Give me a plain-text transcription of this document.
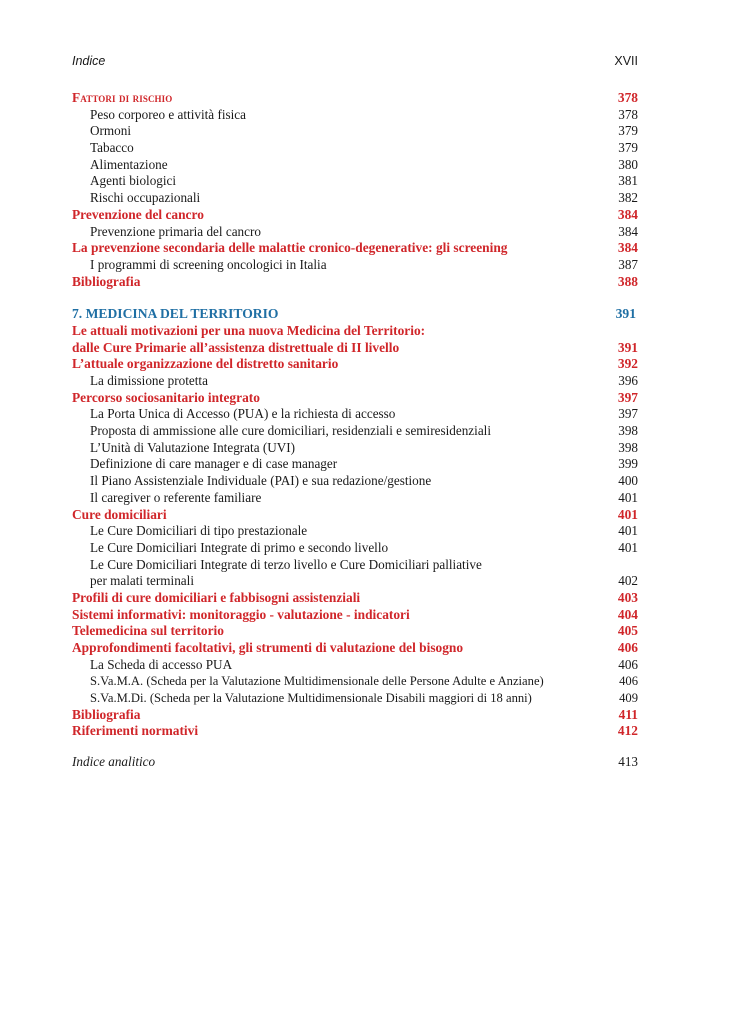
Indice	XVII
Fattori di rischio	378
Peso corporeo e attività fisica	378
Ormoni	379
Tabacco	379
Alimentazione	380
Agenti biologici	381
Rischi occupazionali	382
Prevenzione del cancro	384
Prevenzione primaria del cancro	384
La prevenzione secondaria delle malattie cronico-degenerative: gli screening	384
I programmi di screening oncologici in Italia	387
Bibliografia	388
7. MEDICINA DEL TERRITORIO	391
Le attuali motivazioni per una nuova Medicina del Territorio:
dalle Cure Primarie all’assistenza distrettuale di II livello	391
L’attuale organizzazione del distretto sanitario	392
La dimissione protetta	396
Percorso sociosanitario integrato	397
La Porta Unica di Accesso (PUA) e la richiesta di accesso	397
Proposta di ammissione alle cure domiciliari, residenziali e semiresidenziali	398
L’Unità di Valutazione Integrata (UVI)	398
Definizione di care manager e di case manager	399
Il Piano Assistenziale Individuale (PAI) e sua redazione/gestione	400
Il caregiver o referente familiare	401
Cure domiciliari	401
Le Cure Domiciliari di tipo prestazionale	401
Le Cure Domiciliari Integrate di primo e secondo livello	401
Le Cure Domiciliari Integrate di terzo livello e Cure Domiciliari palliative
per malati terminali	402
Profili di cure domiciliari e fabbisogni assistenziali	403
Sistemi informativi: monitoraggio - valutazione - indicatori	404
Telemedicina sul territorio	405
Approfondimenti facoltativi, gli strumenti di valutazione del bisogno	406
La Scheda di accesso PUA	406
S.Va.M.A. (Scheda per la Valutazione Multidimensionale delle Persone Adulte e Anziane)	406
S.Va.M.Di. (Scheda per la Valutazione Multidimensionale Disabili maggiori di 18 anni)	409
Bibliografia	411
Riferimenti normativi	412
Indice analitico	413
